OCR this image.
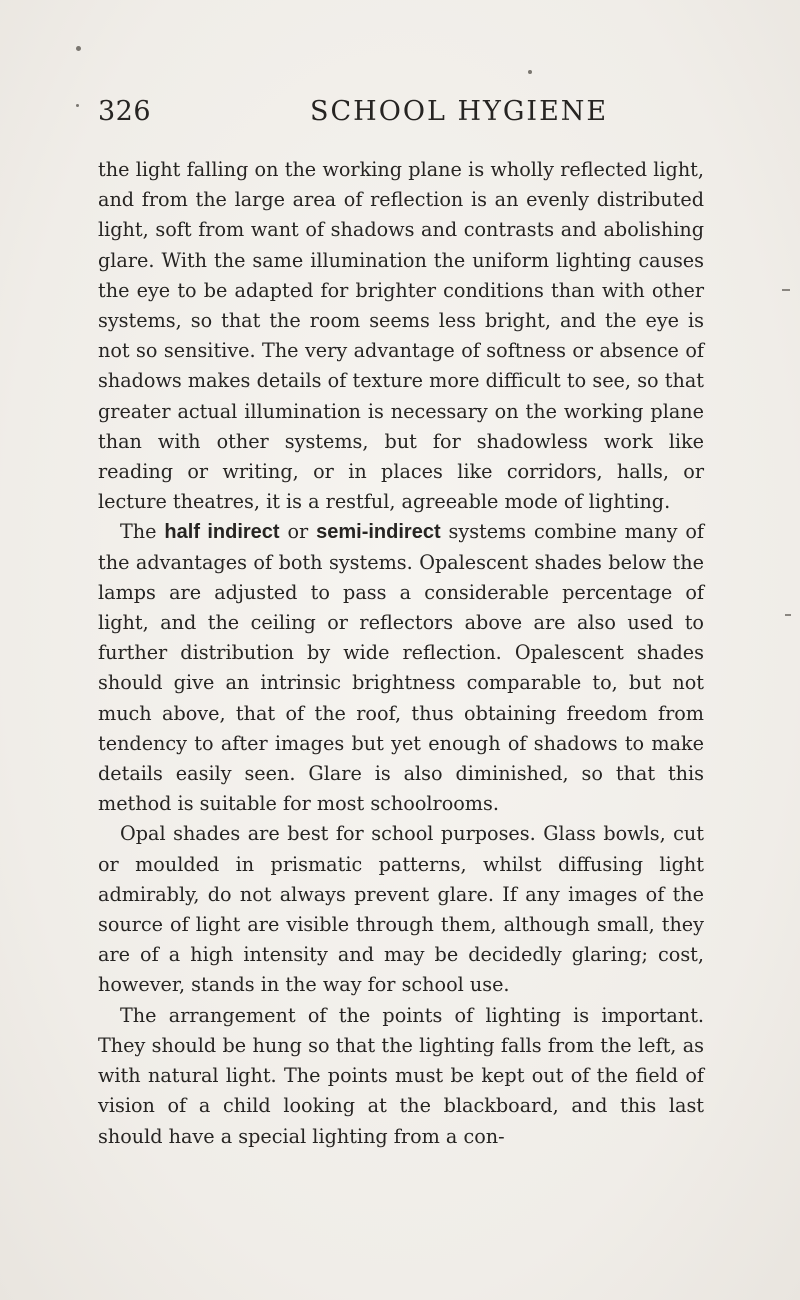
326	SCHOOL HYGIENE

the light falling on the working plane is wholly reflected light, and from the large area of reflection is an evenly distributed light, soft from want of shadows and contrasts and abolishing glare. With the same illumination the uniform lighting causes the eye to be adapted for brighter conditions than with other systems, so that the room seems less bright, and the eye is not so sensitive. The very advantage of softness or absence of shadows makes details of texture more difficult to see, so that greater actual illumination is necessary on the working plane than with other systems, but for shadowless work like reading or writing, or in places like corridors, halls, or lecture theatres, it is a restful, agreeable mode of lighting.

The half indirect or semi-indirect systems combine many of the advantages of both systems. Opalescent shades below the lamps are adjusted to pass a considerable percentage of light, and the ceiling or reflectors above are also used to further distribution by wide reflection. Opalescent shades should give an intrinsic brightness comparable to, but not much above, that of the roof, thus obtaining freedom from tendency to after images but yet enough of shadows to make details easily seen. Glare is also diminished, so that this method is suitable for most schoolrooms.

Opal shades are best for school purposes. Glass bowls, cut or moulded in prismatic patterns, whilst diffusing light admirably, do not always prevent glare. If any images of the source of light are visible through them, although small, they are of a high intensity and may be decidedly glaring; cost, however, stands in the way for school use.

The arrangement of the points of lighting is important. They should be hung so that the lighting falls from the left, as with natural light. The points must be kept out of the field of vision of a child looking at the blackboard, and this last should have a special lighting from a con-
